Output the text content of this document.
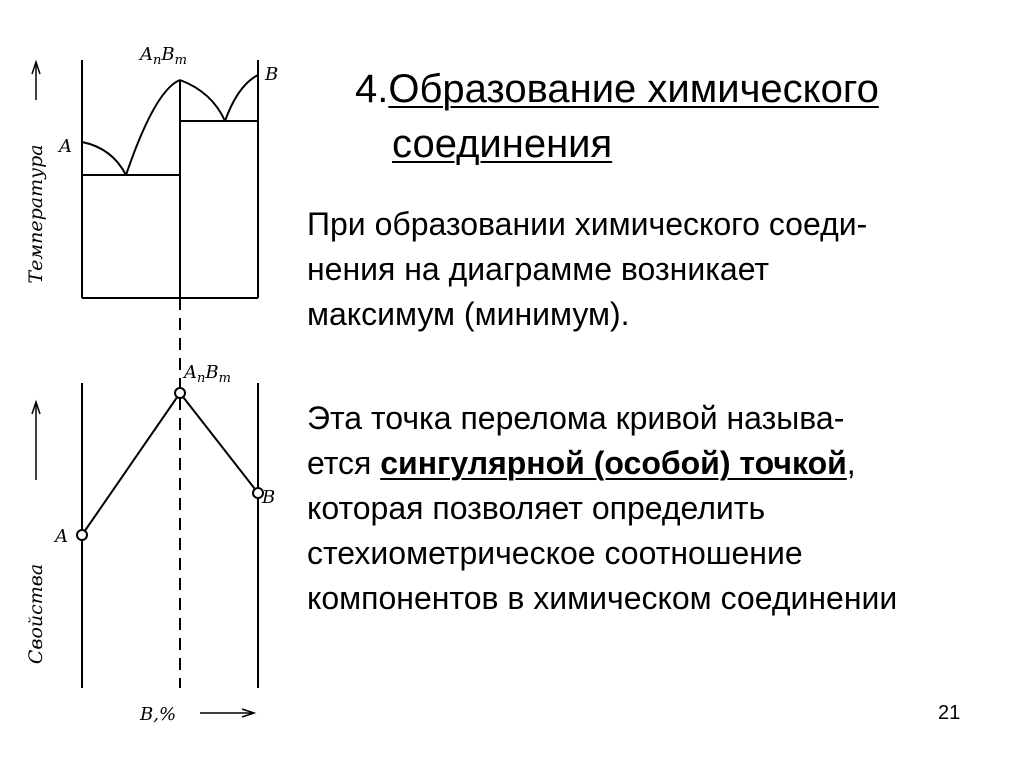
Температура
Свойства
A
B
$A_nB_m$
A
B
$A_nB_m$
B,%
4.Образование химического
соединения

При образовании химического соеди-
нения на диаграмме возникает
максимум (минимум).

Эта точка перелома кривой называ-
ется сингулярной (особой) точкой,
которая позволяет определить
стехиометрическое соотношение
компонентов в химическом соединении

21
